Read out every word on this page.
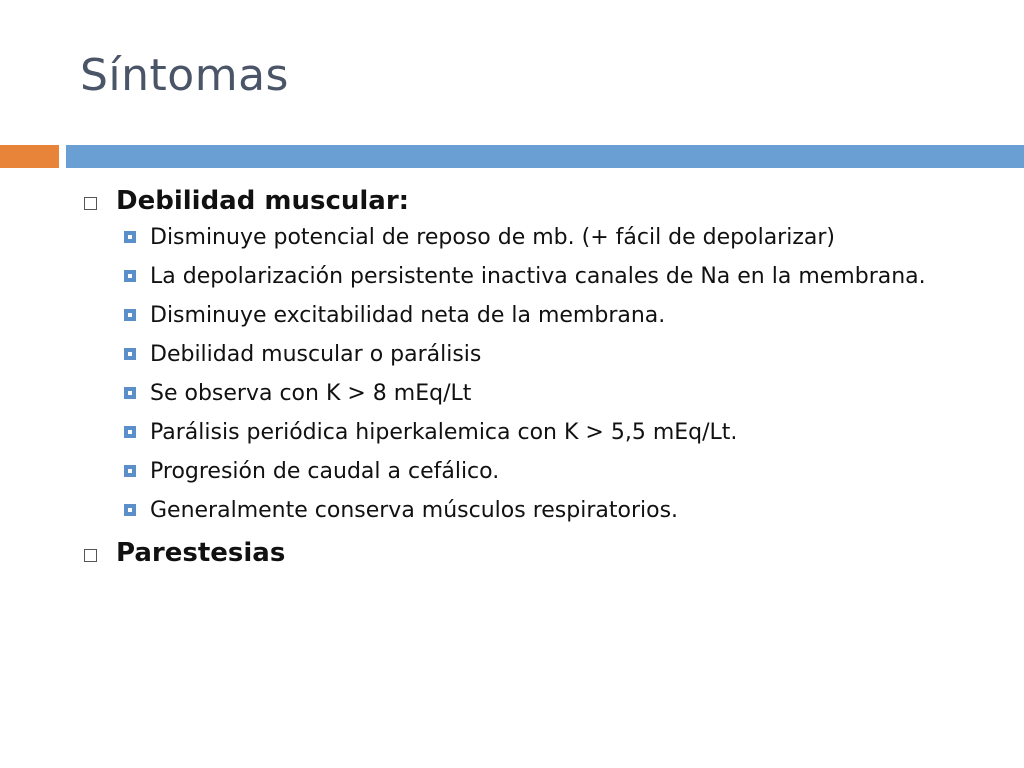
Síntomas
Debilidad muscular:
Disminuye potencial de reposo de mb. (+ fácil de depolarizar)
La depolarización persistente inactiva canales de Na en la membrana.
Disminuye excitabilidad neta de la membrana.
Debilidad muscular o parálisis
Se observa con K > 8 mEq/Lt
Parálisis periódica hiperkalemica con K > 5,5 mEq/Lt.
Progresión de caudal a cefálico.
Generalmente conserva músculos respiratorios.
Parestesias
